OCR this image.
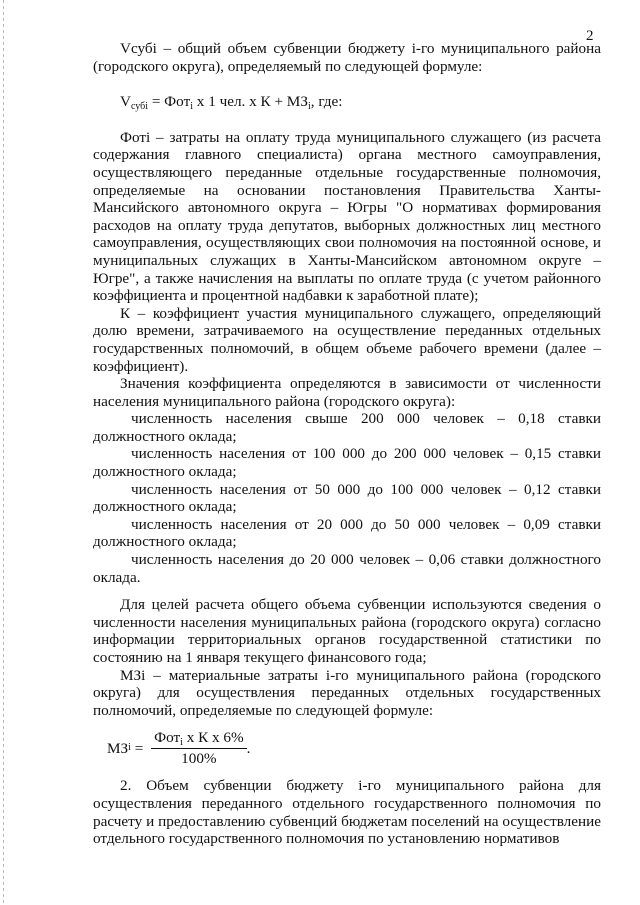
2

Vсубi – общий объем субвенции бюджету i-го муниципального района (городского округа), определяемый по следующей формуле:

$V_{субi} = Фот_i$ х 1 чел. х $К + МЗ_i$, где:

Фотi – затраты на оплату труда муниципального служащего (из расчета содержания главного специалиста) органа местного самоуправления, осуществляющего переданные отдельные государственные полномочия, определяемые на основании постановления Правительства Ханты-Мансийского автономного округа – Югры "О нормативах формирования расходов на оплату труда депутатов, выборных должностных лиц местного самоуправления, осуществляющих свои полномочия на постоянной основе, и муниципальных служащих в Ханты-Мансийском автономном округе – Югре", а также начисления на выплаты по оплате труда (с учетом районного коэффициента и процентной надбавки к заработной плате);

К – коэффициент участия муниципального служащего, определяющий долю времени, затрачиваемого на осуществление переданных отдельных государственных полномочий, в общем объеме рабочего времени (далее – коэффициент).

Значения коэффициента определяются в зависимости от численности населения муниципального района (городского округа):

численность населения свыше 200 000 человек – 0,18 ставки должностного оклада;

численность населения от 100 000 до 200 000 человек – 0,15 ставки должностного оклада;

численность населения от 50 000 до 100 000 человек – 0,12 ставки должностного оклада;

численность населения от 20 000 до 50 000 человек – 0,09 ставки должностного оклада;

численность населения до 20 000 человек – 0,06 ставки должностного оклада.

Для целей расчета общего объема субвенции используются сведения о численности населения муниципальных района (городского округа) согласно информации территориальных органов государственной статистики по состоянию на 1 января текущего финансового года;

МЗi – материальные затраты i-го муниципального района (городского округа) для осуществления переданных отдельных государственных полномочий, определяемые по следующей формуле:

МЗ $i = \frac{Фот_i х К х 6\%}{100\%}$ .

2. Объем субвенции бюджету i-го муниципального района для осуществления переданного отдельного государственного полномочия по расчету и предоставлению субвенций бюджетам поселений на осуществление отдельного государственного полномочия по установлению нормативов
